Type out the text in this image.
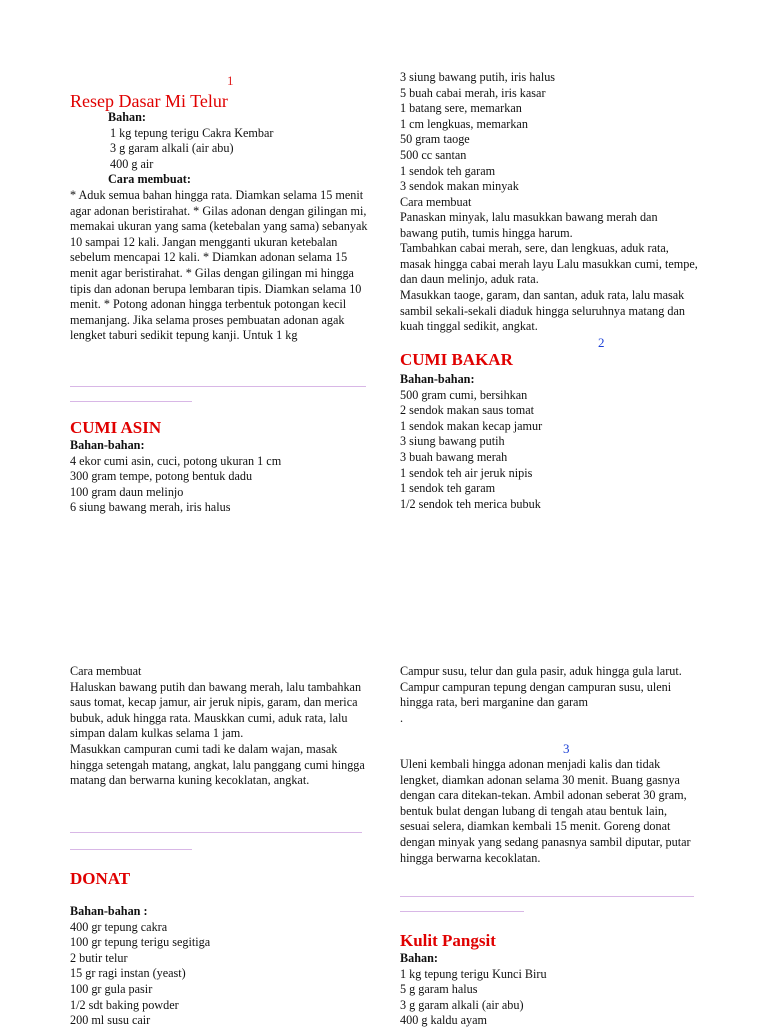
1
Resep Dasar Mi Telur
Bahan:
1 kg tepung terigu Cakra Kembar
3 g garam alkali (air abu)
400 g air
Cara membuat:
* Aduk semua bahan hingga rata. Diamkan selama 15 menit agar adonan beristirahat. * Gilas adonan dengan gilingan mi, memakai ukuran yang sama (ketebalan yang sama) sebanyak 10 sampai 12 kali. Jangan mengganti ukuran ketebalan sebelum mencapai 12 kali. * Diamkan adonan selama 15 menit agar beristirahat. * Gilas dengan gilingan mi hingga tipis dan adonan berupa lembaran tipis. Diamkan selama 10 menit. * Potong adonan hingga terbentuk potongan kecil memanjang. Jika selama proses pembuatan adonan agak lengket taburi sedikit tepung kanji. Untuk 1 kg
CUMI ASIN
Bahan-bahan:
4 ekor cumi asin, cuci, potong ukuran 1 cm
300 gram tempe, potong bentuk dadu
100 gram daun melinjo
6 siung bawang merah, iris halus
Cara membuat
Haluskan bawang putih dan bawang merah, lalu tambahkan saus tomat, kecap jamur, air jeruk nipis, garam, dan merica bubuk, aduk hingga rata. Mauskkan cumi, aduk rata, lalu simpan dalam kulkas selama 1 jam.
Masukkan campuran cumi tadi ke dalam wajan, masak hingga setengah matang, angkat, lalu panggang cumi hingga matang dan berwarna kuning kecoklatan, angkat.
DONAT
Bahan-bahan :
400 gr tepung cakra
100 gr tepung terigu segitiga
2 butir telur
15 gr ragi instan (yeast)
100 gr gula pasir
1/2 sdt baking powder
200 ml susu cair
3 siung bawang putih, iris halus
5 buah cabai merah, iris kasar
1 batang sere, memarkan
1 cm lengkuas, memarkan
50 gram taoge
500 cc santan
1 sendok teh garam
3 sendok makan minyak
Cara membuat
Panaskan minyak, lalu masukkan bawang merah dan bawang putih, tumis hingga harum.
Tambahkan cabai merah, sere, dan lengkuas, aduk rata, masak hingga cabai merah layu Lalu masukkan cumi, tempe, dan daun melinjo, aduk rata.
Masukkan taoge, garam, dan santan, aduk rata, lalu masak sambil sekali-sekali diaduk hingga seluruhnya matang dan kuah tinggal sedikit, angkat.
2
CUMI BAKAR
Bahan-bahan:
500 gram cumi, bersihkan
2 sendok makan saus tomat
1 sendok makan kecap jamur
3 siung bawang putih
3 buah bawang merah
1 sendok teh air jeruk nipis
1 sendok teh garam
1/2 sendok teh merica bubuk
Campur susu, telur dan gula pasir, aduk hingga gula larut.
Campur campuran tepung dengan campuran susu, uleni hingga rata, beri marganine dan garam
.
3
Uleni kembali hingga adonan menjadi kalis dan tidak lengket, diamkan adonan selama 30 menit. Buang gasnya dengan cara ditekan-tekan. Ambil adonan seberat 30 gram, bentuk bulat dengan lubang di tengah atau bentuk lain, sesuai selera, diamkan kembali 15 menit. Goreng donat dengan minyak yang sedang panasnya sambil diputar, putar hingga berwarna kecoklatan.
Kulit Pangsit
Bahan:
1 kg tepung terigu Kunci Biru
5 g garam halus
3 g garam alkali (air abu)
400 g kaldu ayam
